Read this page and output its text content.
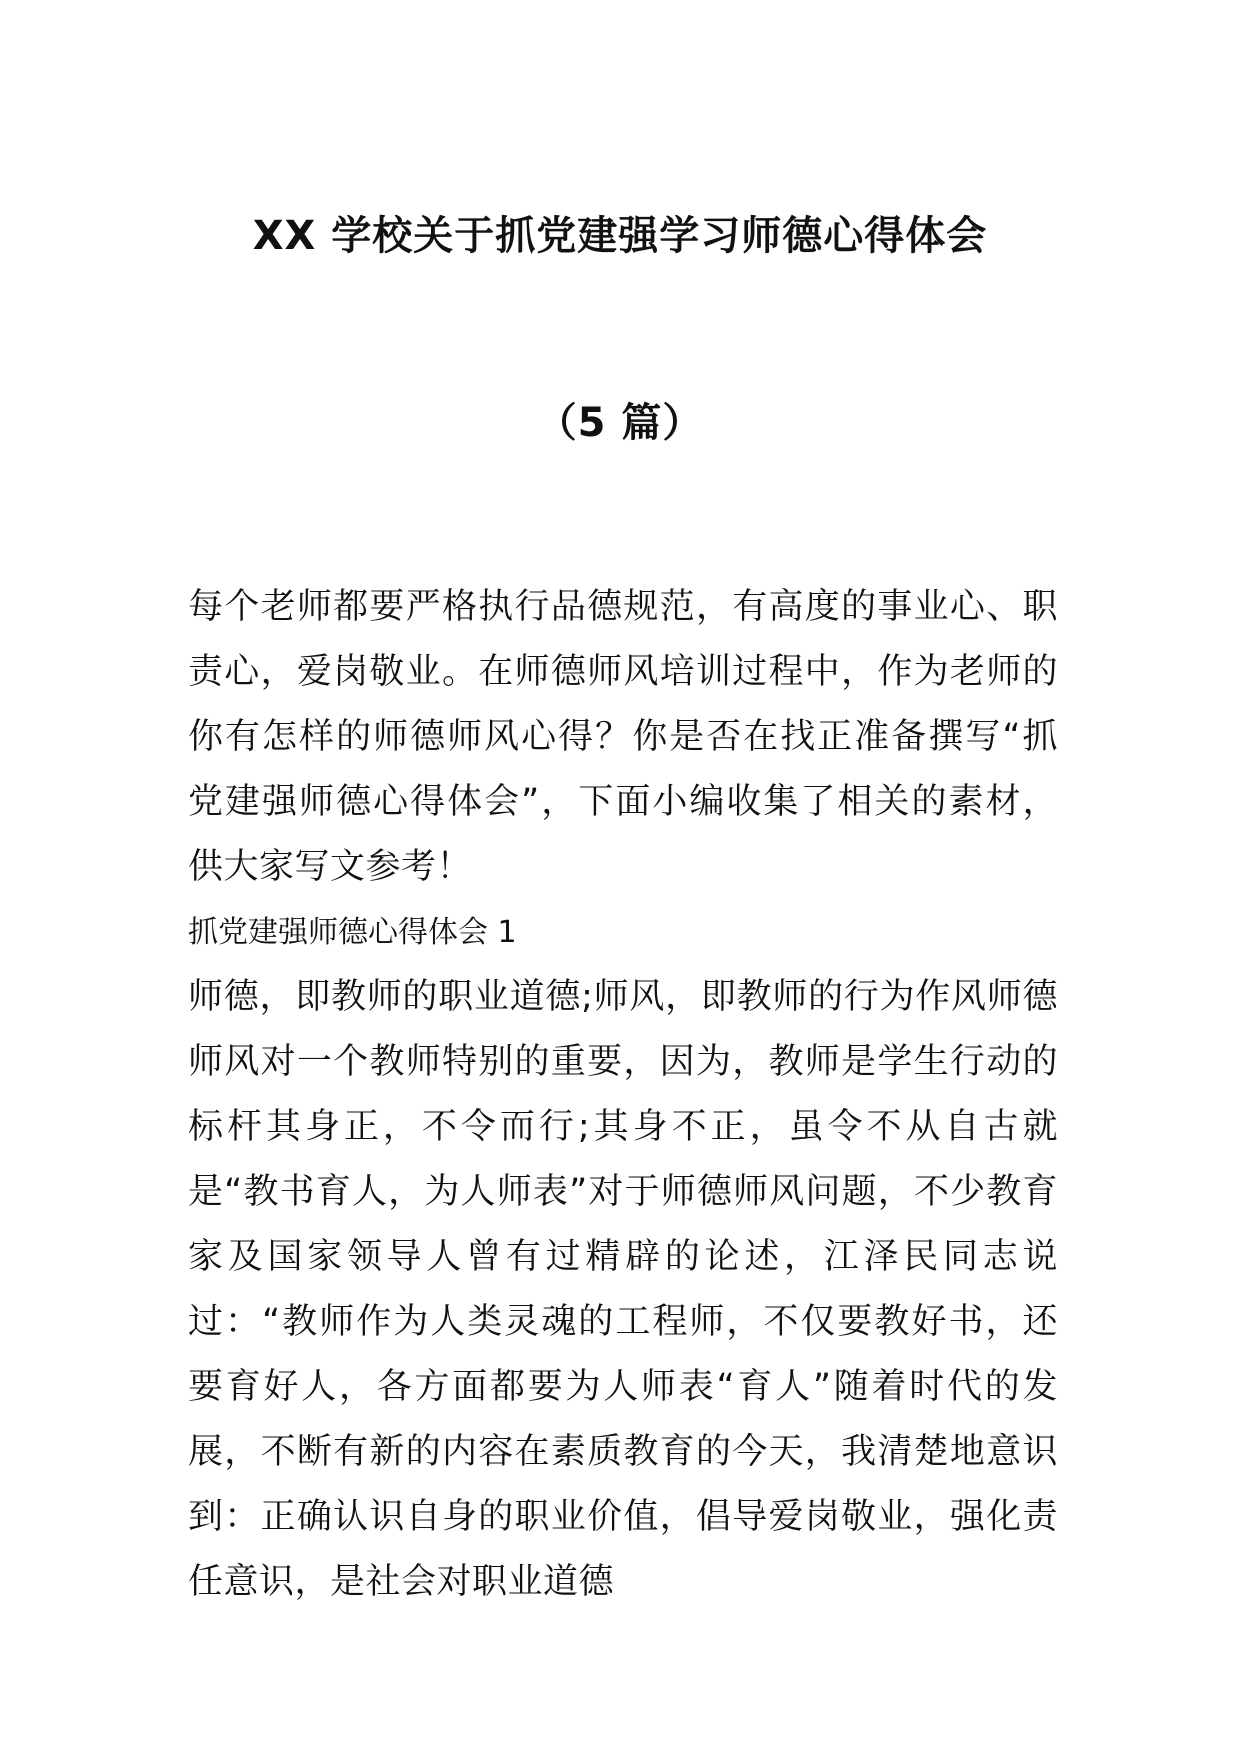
XX 学校关于抓党建强学习师德心得体会
（5 篇）

每个老师都要严格执行品德规范，有高度的事业心、职责心，爱岗敬业。在师德师风培训过程中，作为老师的你有怎样的师德师风心得？你是否在找正准备撰写“抓党建强师德心得体会”，下面小编收集了相关的素材，供大家写文参考！

抓党建强师德心得体会 1

师德，即教师的职业道德;师风，即教师的行为作风师德师风对一个教师特别的重要，因为，教师是学生行动的标杆其身正，不令而行;其身不正，虽令不从自古就是“教书育人，为人师表”对于师德师风问题，不少教育家及国家领导人曾有过精辟的论述，江泽民同志说过：“教师作为人类灵魂的工程师，不仅要教好书，还要育好人，各方面都要为人师表“育人”随着时代的发展，不断有新的内容在素质教育的今天，我清楚地意识到：正确认识自身的职业价值，倡导爱岗敬业，强化责任意识，是社会对职业道德
